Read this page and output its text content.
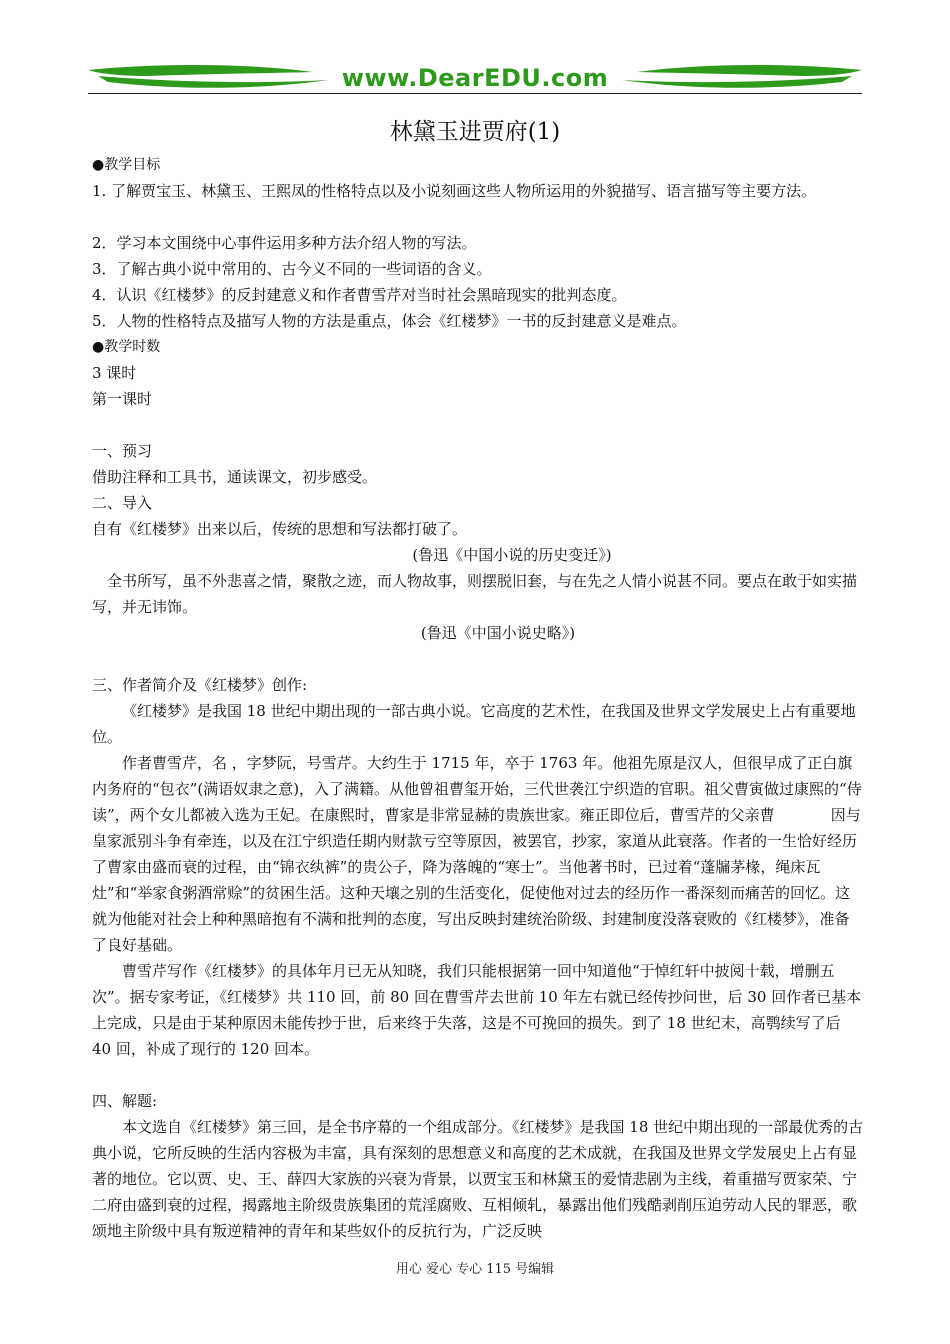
www.DearEDU.com
林黛玉进贾府(1)

●教学目标

1. 了解贾宝玉、林黛玉、王熙凤的性格特点以及小说刻画这些人物所运用的外貌描写、语言描写等主要方法。

2．学习本文围绕中心事件运用多种方法介绍人物的写法。

3．了解古典小说中常用的、古今义不同的一些词语的含义。

4．认识《红楼梦》的反封建意义和作者曹雪芹对当时社会黑暗现实的批判态度。

5．人物的性格特点及描写人物的方法是重点，体会《红楼梦》一书的反封建意义是难点。

●教学时数

3 课时

第一课时

一、预习

借助注释和工具书，通读课文，初步感受。

二、导入

自有《红楼梦》出来以后，传统的思想和写法都打破了。

(鲁迅《中国小说的历史变迁》)

全书所写，虽不外悲喜之情，聚散之迹，而人物故事，则摆脱旧套，与在先之人情小说甚不同。要点在敢于如实描写，并无讳饰。

(鲁迅《中国小说史略》)

三、作者简介及《红楼梦》创作:

《红楼梦》是我国 18 世纪中期出现的一部古典小说。它高度的艺术性，在我国及世界文学发展史上占有重要地位。

作者曹雪芹，名 ，字梦阮，号雪芹。大约生于 1715 年，卒于 1763 年。他祖先原是汉人，但很早成了正白旗内务府的“包衣”(满语奴隶之意)，入了满籍。从他曾祖曹玺开始，三代世袭江宁织造的官职。祖父曹寅做过康熙的“侍读”，两个女儿都被入选为王妃。在康熙时，曹家是非常显赫的贵族世家。雍正即位后，曹雪芹的父亲曹	因与皇家派别斗争有牵连，以及在江宁织造任期内财款亏空等原因，被罢官，抄家，家道从此衰落。作者的一生恰好经历了曹家由盛而衰的过程，由“锦衣纨裤”的贵公子，降为落魄的“寒士”。当他著书时，已过着“蓬牖茅椽，绳床瓦灶”和“举家食粥酒常赊”的贫困生活。这种天壤之别的生活变化，促使他对过去的经历作一番深刻而痛苦的回忆。这就为他能对社会上种种黑暗抱有不满和批判的态度，写出反映封建统治阶级、封建制度没落衰败的《红楼梦》，准备了良好基础。

曹雪芹写作《红楼梦》的具体年月已无从知晓，我们只能根据第一回中知道他“于悼红轩中披阅十载，增删五次”。据专家考证，《红楼梦》共 110 回，前 80 回在曹雪芹去世前 10 年左右就已经传抄问世，后 30 回作者已基本上完成，只是由于某种原因未能传抄于世，后来终于失落，这是不可挽回的损失。到了 18 世纪末，高鹗续写了后 40 回，补成了现行的 120 回本。

四、解题:

本文选自《红楼梦》第三回，是全书序幕的一个组成部分。《红楼梦》是我国 18 世纪中期出现的一部最优秀的古典小说，它所反映的生活内容极为丰富，具有深刻的思想意义和高度的艺术成就，在我国及世界文学发展史上占有显著的地位。它以贾、史、王、薛四大家族的兴衰为背景，以贾宝玉和林黛玉的爱情悲剧为主线，着重描写贾家荣、宁二府由盛到衰的过程，揭露地主阶级贵族集团的荒淫腐败、互相倾轧，暴露出他们残酷剥削压迫劳动人民的罪恶，歌颂地主阶级中具有叛逆精神的青年和某些奴仆的反抗行为，广泛反映

用心 爱心 专心 115 号编辑
